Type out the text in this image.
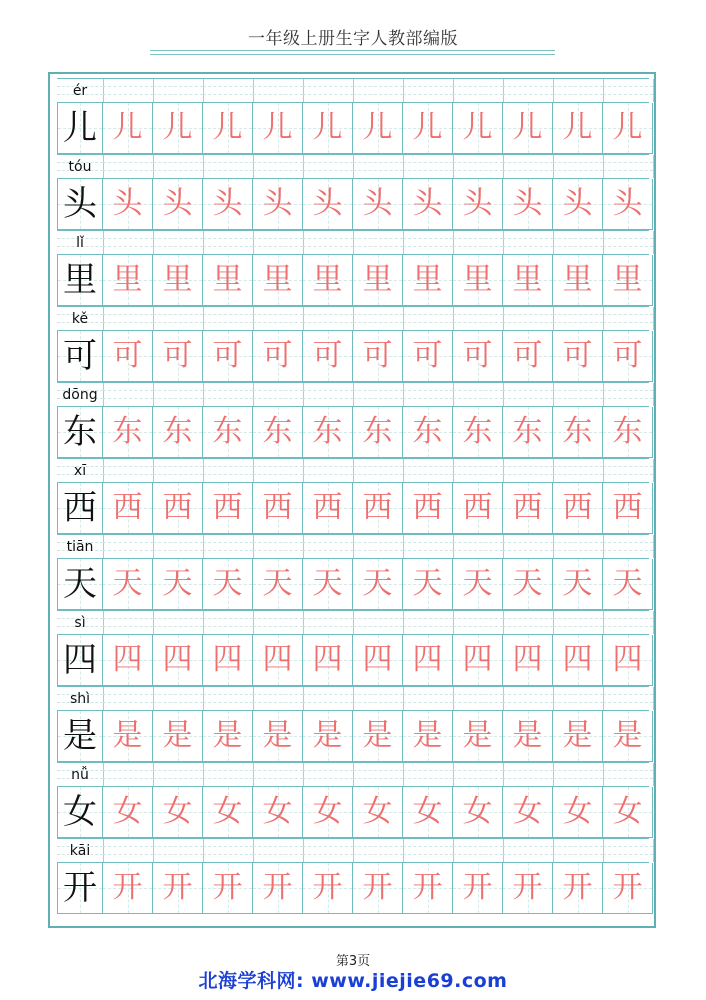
一年级上册生字人教部编版
ér
儿 儿 儿 儿 儿 儿 儿 儿 儿 儿 儿 儿
tóu
头 头 头 头 头 头 头 头 头 头 头 头
lǐ
里 里 里 里 里 里 里 里 里 里 里 里
kě
可 可 可 可 可 可 可 可 可 可 可 可
dōng
东 东 东 东 东 东 东 东 东 东 东 东
xī
西 西 西 西 西 西 西 西 西 西 西 西
tiān
天 天 天 天 天 天 天 天 天 天 天 天
sì
四 四 四 四 四 四 四 四 四 四 四 四
shì
是 是 是 是 是 是 是 是 是 是 是 是
nǚ
女 女 女 女 女 女 女 女 女 女 女 女
kāi
开 开 开 开 开 开 开 开 开 开 开 开
第3页
北海学科网: www.jiejie69.com
